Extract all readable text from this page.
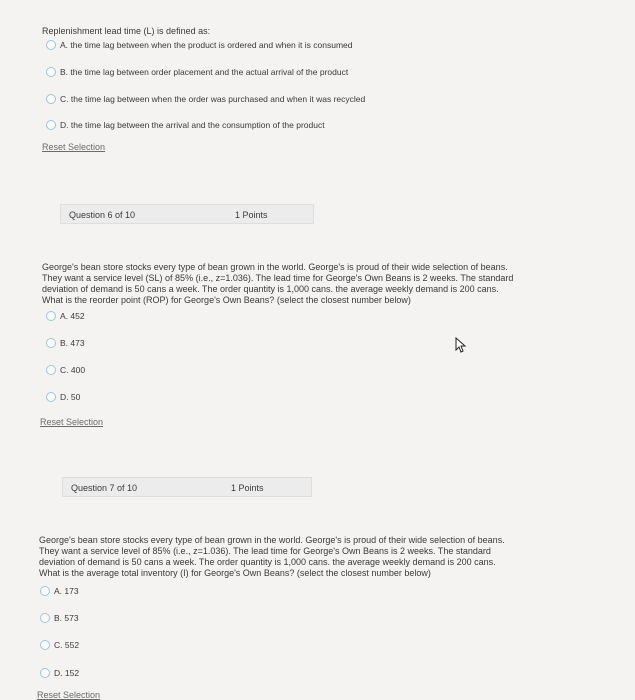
Replenishment lead time (L) is defined as:
A. the time lag between when the product is ordered and when it is consumed
B. the time lag between order placement and the actual arrival of the product
C. the time lag between when the order was purchased and when it was recycled
D. the time lag between the arrival and the consumption of the product
Reset Selection
Question 6 of 10	1 Points
George's bean store stocks every type of bean grown in the world. George's is proud of their wide selection of beans.
They want a service level (SL) of 85% (i.e., z=1.036). The lead time for George's Own Beans is 2 weeks. The standard
deviation of demand is 50 cans a week. The order quantity is 1,000 cans. the average weekly demand is 200 cans.
What is the reorder point (ROP) for George's Own Beans? (select the closest number below)
A. 452
B. 473
C. 400
D. 50
Reset Selection
Question 7 of 10	1 Points
George's bean store stocks every type of bean grown in the world. George's is proud of their wide selection of beans.
They want a service level of 85% (i.e., z=1.036). The lead time for George's Own Beans is 2 weeks. The standard
deviation of demand is 50 cans a week. The order quantity is 1,000 cans. the average weekly demand is 200 cans.
What is the average total inventory (I) for George's Own Beans? (select the closest number below)
A. 173
B. 573
C. 552
D. 152
Reset Selection
